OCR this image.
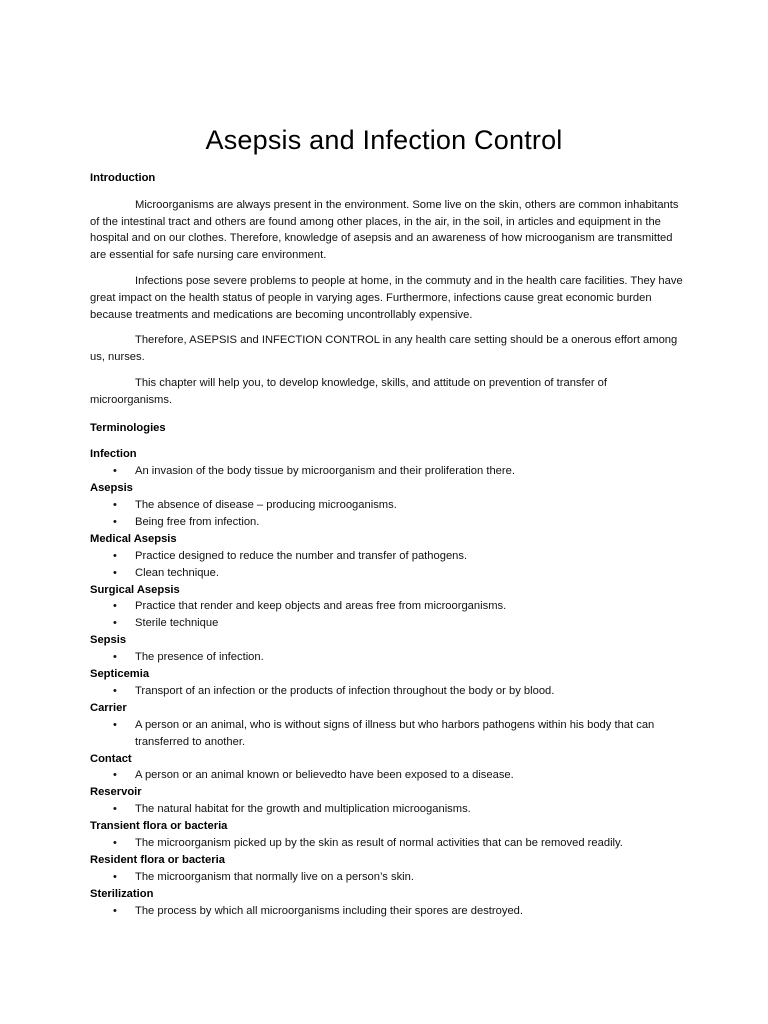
Asepsis and Infection Control

Introduction

Microorganisms are always present in the environment. Some live on the skin, others are common inhabitants of the intestinal tract and others are found among other places, in the air, in the soil, in articles and equipment in the hospital and on our clothes. Therefore, knowledge of asepsis and an awareness of how microoganism are transmitted are essential for safe nursing care environment.

Infections pose severe problems to people at home, in the commuty and in the health care facilities. They have great impact on the health status of people in varying ages. Furthermore, infections cause great economic burden because treatments and medications are becoming uncontrollably expensive.

Therefore, ASEPSIS and INFECTION CONTROL in any health care setting should be a onerous effort among us, nurses.

This chapter will help you, to develop knowledge, skills, and attitude on prevention of transfer of microorganisms.

Terminologies

Infection

• An invasion of the body tissue by microorganism and their proliferation there.

Asepsis

• The absence of disease – producing microoganisms.
• Being free from infection.

Medical Asepsis

• Practice designed to reduce the number and transfer of pathogens.
• Clean technique.

Surgical Asepsis

• Practice that render and keep objects and areas free from microorganisms.
• Sterile technique

Sepsis

• The presence of infection.

Septicemia

• Transport of an infection or the products of infection throughout the body or by blood.

Carrier

• A person or an animal, who is without signs of illness but who harbors pathogens within his body that can transferred to another.

Contact

• A person or an animal known or believedto have been exposed to a disease.

Reservoir

• The natural habitat for the growth and multiplication microoganisms.

Transient flora or bacteria

• The microorganism picked up by the skin as result of normal activities that can be removed readily.

Resident flora or bacteria

• The microorganism that normally live on a person’s skin.

Sterilization

• The process by which all microorganisms including their spores are destroyed.
